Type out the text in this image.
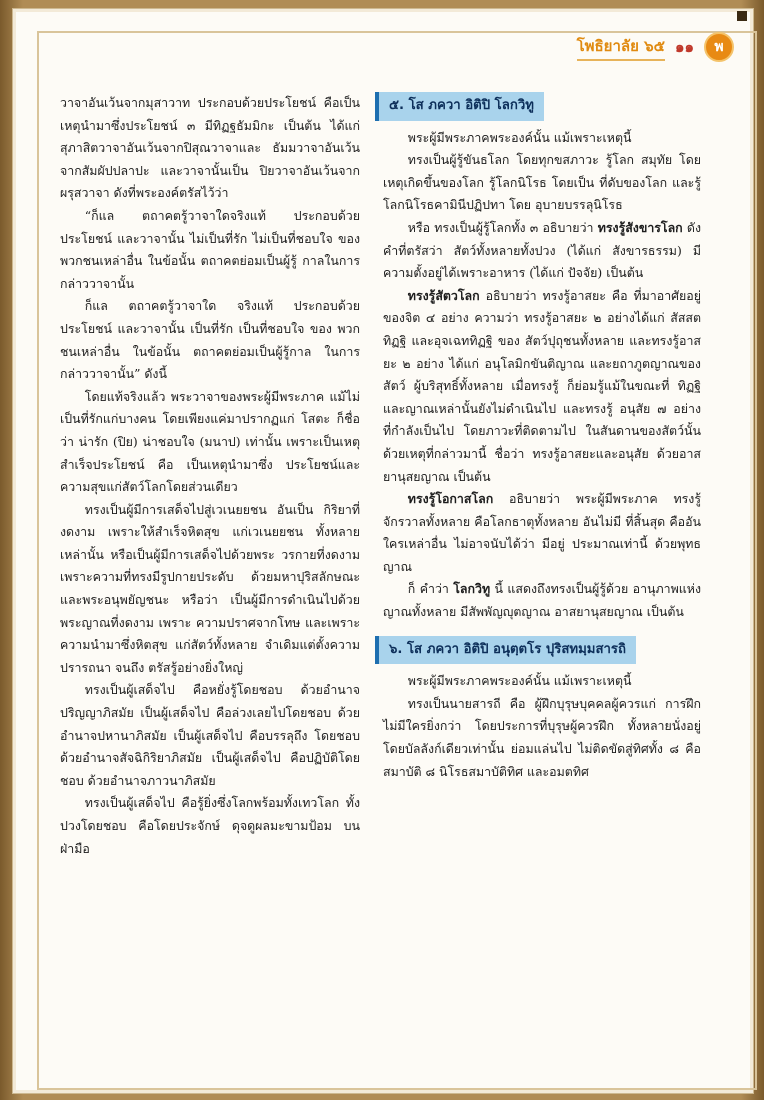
โพธิยาลัย ๖๕ ๑๑	พ

วาจาอันเว้นจากมุสาวาท ประกอบด้วยประโยชน์ คือเป็นเหตุนำมาซึ่งประโยชน์ ๓ มีทิฏฐธัมมิกะ เป็นต้น ได้แก่ สุภาสิตวาจาอันเว้นจากปิสุณวาจาและ ธัมมวาจาอันเว้นจากสัมผัปปลาปะ และวาจานั้นเป็น ปิยวาจาอันเว้นจากผรุสวาจา ดังที่พระองค์ตรัสไว้ว่า

“ก็แล ตถาคตรู้วาจาใดจริงแท้ ประกอบด้วย ประโยชน์ และวาจานั้น ไม่เป็นที่รัก ไม่เป็นที่ชอบใจ ของพวกชนเหล่าอื่น ในข้อนั้น ตถาคตย่อมเป็นผู้รู้ กาลในการกล่าววาจานั้น

ก็แล ตถาคตรู้วาจาใด จริงแท้ ประกอบด้วย ประโยชน์ และวาจานั้น เป็นที่รัก เป็นที่ชอบใจ ของ พวกชนเหล่าอื่น ในข้อนั้น ตถาคตย่อมเป็นผู้รู้กาล ในการกล่าววาจานั้น” ดังนี้

โดยแท้จริงแล้ว พระวาจาของพระผู้มีพระภาค แม้ไม่เป็นที่รักแก่บางคน โดยเพียงแค่มาปรากฏแก่ โสตะ ก็ชื่อว่า น่ารัก (ปิย) น่าชอบใจ (มนาป) เท่านั้น เพราะเป็นเหตุสำเร็จประโยชน์ คือ เป็นเหตุนำมาซึ่ง ประโยชน์และความสุขแก่สัตว์โลกโดยส่วนเดียว

ทรงเป็นผู้มีการเสด็จไปสู่เวเนยยชน อันเป็น กิริยาที่งดงาม เพราะให้สำเร็จหิตสุข แก่เวเนยยชน ทั้งหลายเหล่านั้น หรือเป็นผู้มีการเสด็จไปด้วยพระ วรกายที่งดงาม เพราะความที่ทรงมีรูปกายประดับ ด้วยมหาปุริสลักษณะ และพระอนุพยัญชนะ หรือว่า เป็นผู้มีการดำเนินไปด้วยพระญาณที่งดงาม เพราะ ความปราศจากโทษ และเพราะความนำมาซึ่งหิตสุข แก่สัตว์ทั้งหลาย จำเดิมแต่ตั้งความปรารถนา จนถึง ตรัสรู้อย่างยิ่งใหญ่

ทรงเป็นผู้เสด็จไป คือหยั่งรู้โดยชอบ ด้วยอำนาจ ปริญญาภิสมัย เป็นผู้เสด็จไป คือล่วงเลยไปโดยชอบ ด้วยอำนาจปหานาภิสมัย เป็นผู้เสด็จไป คือบรรลุถึง โดยชอบ ด้วยอำนาจสัจฉิกิริยาภิสมัย เป็นผู้เสด็จไป คือปฏิบัติโดยชอบ ด้วยอำนาจภาวนาภิสมัย

ทรงเป็นผู้เสด็จไป คือรู้ยิ่งซึ่งโลกพร้อมทั้งเทวโลก ทั้งปวงโดยชอบ คือโดยประจักษ์ ดุจดูผลมะขามป้อม บนฝ่ามือ

๕. โส ภควา อิติปิ โลกวิทู

พระผู้มีพระภาคพระองค์นั้น แม้เพราะเหตุนี้

ทรงเป็นผู้รู้ขันธโลก โดยทุกขสภาวะ รู้โลก สมุทัย โดยเหตุเกิดขึ้นของโลก รู้โลกนิโรธ โดยเป็น ที่ดับของโลก และรู้โลกนิโรธคามินีปฏิปทา โดย อุบายบรรลุนิโรธ

หรือ ทรงเป็นผู้รู้โลกทั้ง ๓ อธิบายว่า ทรงรู้สังขารโลก ดังคำที่ตรัสว่า สัตว์ทั้งหลายทั้งปวง (ได้แก่ สังขารธรรม) มีความตั้งอยู่ได้เพราะอาหาร (ได้แก่ ปัจจัย) เป็นต้น

ทรงรู้สัตวโลก อธิบายว่า ทรงรู้อาสยะ คือ ที่มาอาศัยอยู่ของจิต ๔ อย่าง ความว่า ทรงรู้อาสยะ ๒ อย่างได้แก่ สัสสตทิฏฐิ และอุจเฉททิฏฐิ ของ สัตว์ปุถุชนทั้งหลาย และทรงรู้อาสยะ ๒ อย่าง ได้แก่ อนุโลมิกขันติญาณ และยถาภูตญาณของสัตว์ ผู้บริสุทธิ์ทั้งหลาย เมื่อทรงรู้ ก็ย่อมรู้แม้ในขณะที่ ทิฏฐิและญาณเหล่านั้นยังไม่ดำเนินไป และทรงรู้ อนุสัย ๗ อย่าง ที่กำลังเป็นไป โดยภาวะที่ติดตามไป ในสันดานของสัตว์นั้น ด้วยเหตุที่กล่าวมานี้ ชื่อว่า ทรงรู้อาสยะและอนุสัย ด้วยอาสยานุสยญาณ เป็นต้น

ทรงรู้โอกาสโลก อธิบายว่า พระผู้มีพระภาค ทรงรู้จักรวาลทั้งหลาย คือโลกธาตุทั้งหลาย อันไม่มี ที่สิ้นสุด คืออันใครเหล่าอื่น ไม่อาจนับได้ว่า มีอยู่ ประมาณเท่านี้ ด้วยพุทธญาณ

ก็ คำว่า โลกวิทู นี้ แสดงถึงทรงเป็นผู้รู้ด้วย อานุภาพแห่งญาณทั้งหลาย มีสัพพัญญุตญาณ อาสยานุสยญาณ เป็นต้น

๖. โส ภควา อิติปิ อนุตฺตโร ปุริสทมฺมสารถิ

พระผู้มีพระภาคพระองค์นั้น แม้เพราะเหตุนี้

ทรงเป็นนายสารถี คือ ผู้ฝึกบุรุษบุคคลผู้ควรแก่ การฝึกไม่มีใครยิ่งกว่า โดยประการที่บุรุษผู้ควรฝึก ทั้งหลายนั่งอยู่ โดยบัลลังก์เดียวเท่านั้น ย่อมแล่นไป ไม่ติดขัดสู่ทิศทั้ง ๘ คือสมาบัติ ๘ นิโรธสมาบัติทิศ และอมตทิศ
